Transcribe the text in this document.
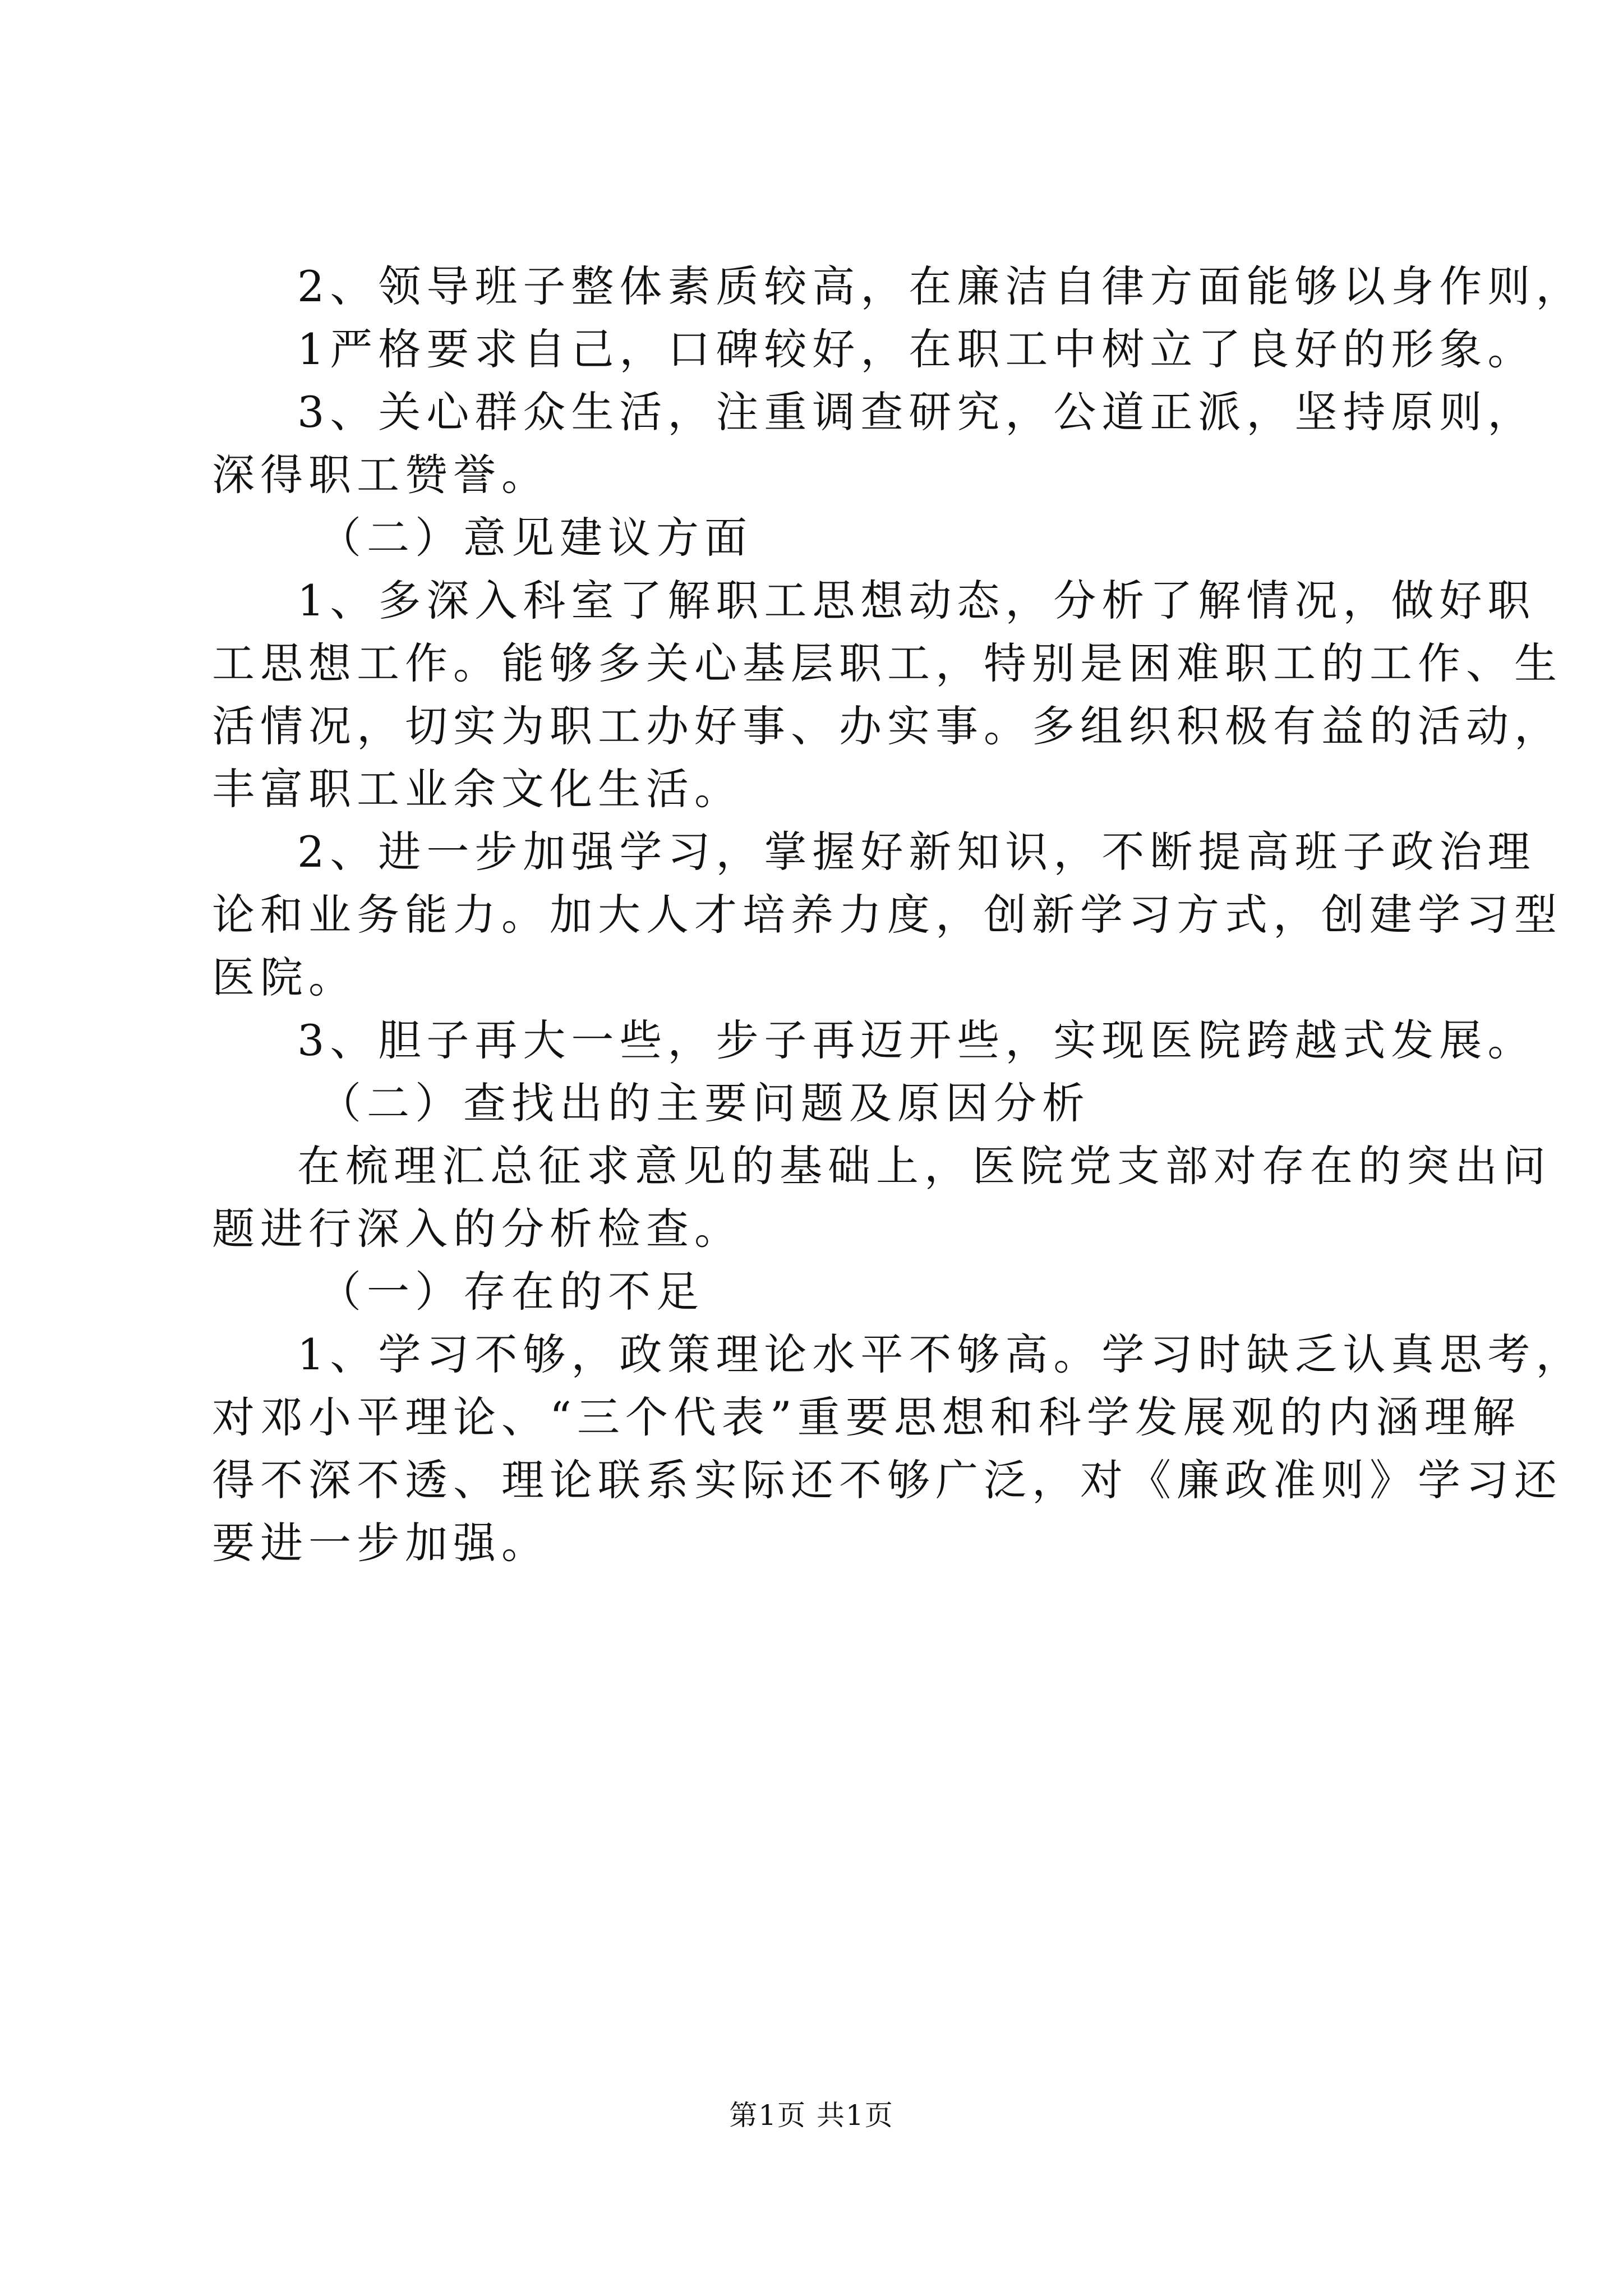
2、领导班子整体素质较高，在廉洁自律方面能够以身作则，
1严格要求自己，口碑较好，在职工中树立了良好的形象。
3、关心群众生活，注重调查研究，公道正派，坚持原则，
深得职工赞誉。
（二）意见建议方面
1、多深入科室了解职工思想动态，分析了解情况，做好职
工思想工作。能够多关心基层职工，特别是困难职工的工作、生
活情况，切实为职工办好事、办实事。多组织积极有益的活动，
丰富职工业余文化生活。
2、进一步加强学习，掌握好新知识，不断提高班子政治理
论和业务能力。加大人才培养力度，创新学习方式，创建学习型
医院。
3、胆子再大一些，步子再迈开些，实现医院跨越式发展。
（二）查找出的主要问题及原因分析
在梳理汇总征求意见的基础上，医院党支部对存在的突出问
题进行深入的分析检查。
（一）存在的不足
1、学习不够，政策理论水平不够高。学习时缺乏认真思考，
对邓小平理论、“三个代表”重要思想和科学发展观的内涵理解
得不深不透、理论联系实际还不够广泛，对《廉政准则》学习还
要进一步加强。
第1页 共1页
